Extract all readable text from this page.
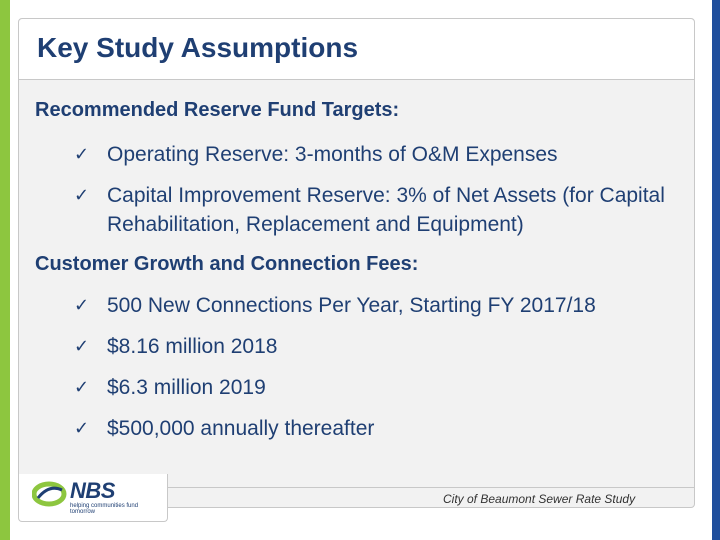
Key Study Assumptions
Recommended Reserve Fund Targets:
✓ Operating Reserve: 3-months of O&M Expenses
✓ Capital Improvement Reserve: 3% of Net Assets (for Capital Rehabilitation, Replacement and Equipment)
Customer Growth and Connection Fees:
✓ 500 New Connections Per Year, Starting FY 2017/18
✓ $8.16 million 2018
✓ $6.3 million 2019
✓ $500,000 annually thereafter
NBS
helping communities fund tomorrow
City of Beaumont Sewer Rate Study
